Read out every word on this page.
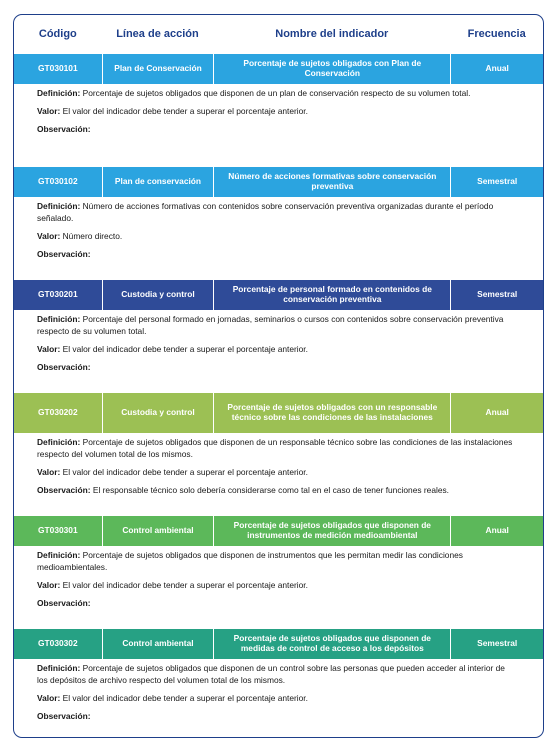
Código	Línea de acción	Nombre del indicador	Frecuencia
GT030101	Plan de Conservación	Porcentaje de sujetos obligados con Plan de Conservación	Anual

Definición: Porcentaje de sujetos obligados que disponen de un plan de conservación respecto de su volumen total.

Valor: El valor del indicador debe tender a superar el porcentaje anterior.

Observación:

GT030102	Plan de conservación	Número de acciones formativas sobre conservación preventiva	Semestral

Definición: Número de acciones formativas con contenidos sobre conservación preventiva organizadas durante el período señalado.

Valor: Número directo.

Observación:

GT030201	Custodia y control	Porcentaje de personal formado en contenidos de conservación preventiva	Semestral

Definición: Porcentaje del personal formado en jornadas, seminarios o cursos con contenidos sobre conservación preventiva respecto de su volumen total.

Valor: El valor del indicador debe tender a superar el porcentaje anterior.

Observación:

GT030202	Custodia y control	Porcentaje de sujetos obligados con un responsable técnico sobre las condiciones de las instalaciones	Anual

Definición: Porcentaje de sujetos obligados que disponen de un responsable técnico sobre las condiciones de las instalaciones respecto del volumen total de los mismos.

Valor: El valor del indicador debe tender a superar el porcentaje anterior.

Observación: El responsable técnico solo debería considerarse como tal en el caso de tener funciones reales.

GT030301	Control ambiental	Porcentaje de sujetos obligados que disponen de instrumentos de medición medioambiental	Anual

Definición: Porcentaje de sujetos obligados que disponen de instrumentos que les permitan medir las condiciones medioambientales.

Valor: El valor del indicador debe tender a superar el porcentaje anterior.

Observación:

GT030302	Control ambiental	Porcentaje de sujetos obligados que disponen de medidas de control de acceso a los depósitos	Semestral

Definición: Porcentaje de sujetos obligados que disponen de un control sobre las personas que pueden acceder al interior de los depósitos de archivo respecto del volumen total de los mismos.

Valor: El valor del indicador debe tender a superar el porcentaje anterior.

Observación:
